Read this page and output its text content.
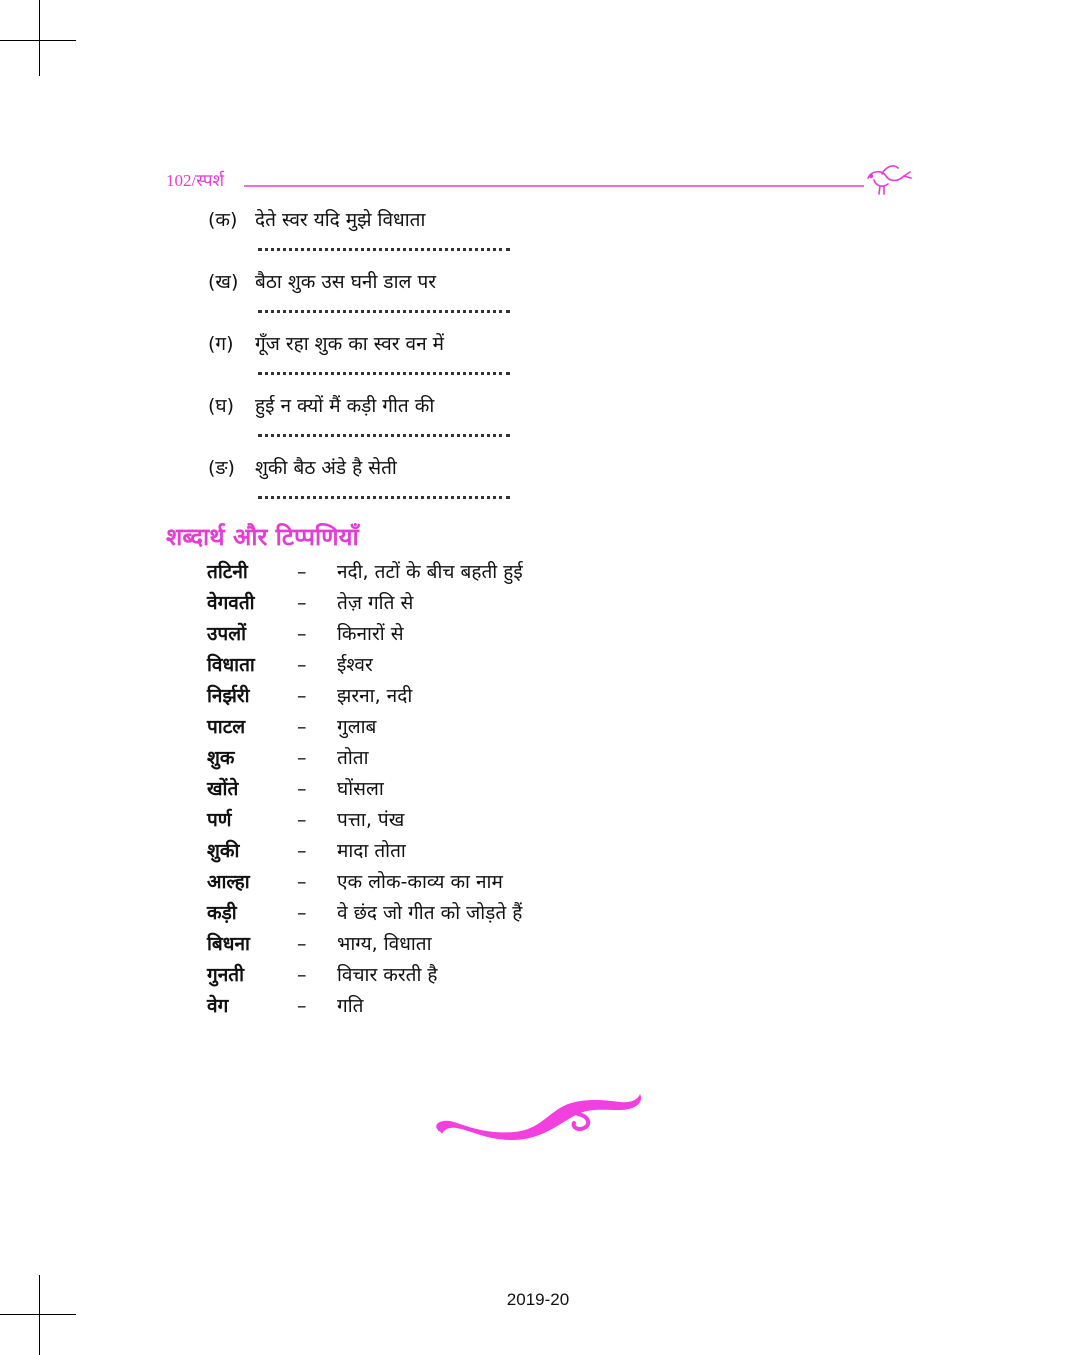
102/स्पर्श
(क) देते स्वर यदि मुझे विधाता
(ख) बैठा शुक उस घनी डाल पर
(ग) गूँज रहा शुक का स्वर वन में
(घ) हुई न क्यों मैं कड़ी गीत की
(ङ) शुकी बैठ अंडे है सेती
शब्दार्थ और टिप्पणियाँ
तटिनी	– नदी, तटों के बीच बहती हुई
वेगवती – तेज़ गति से
उपलों	– किनारों से
विधाता – ईश्वर
निर्झरी – झरना, नदी
पाटल	– गुलाब
शुक	– तोता
खोंते	– घोंसला
पर्ण	– पत्ता, पंख
शुकी	– मादा तोता
आल्हा – एक लोक-काव्य का नाम
कड़ी	– वे छंद जो गीत को जोड़ते हैं
बिधना – भाग्य, विधाता
गुनती	– विचार करती है
वेग	– गति
2019-20
